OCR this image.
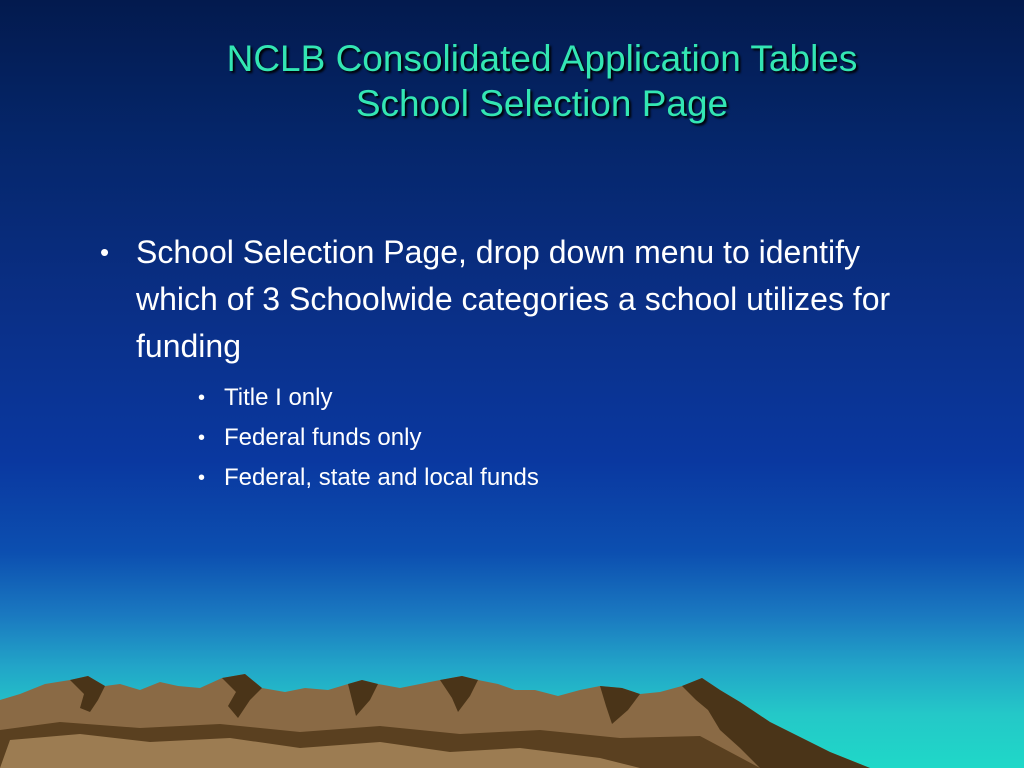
NCLB Consolidated Application Tables
School Selection Page
• School Selection Page, drop down menu to identify which of 3 Schoolwide categories a school utilizes for funding
• Title I only
• Federal funds only
• Federal, state and local funds
